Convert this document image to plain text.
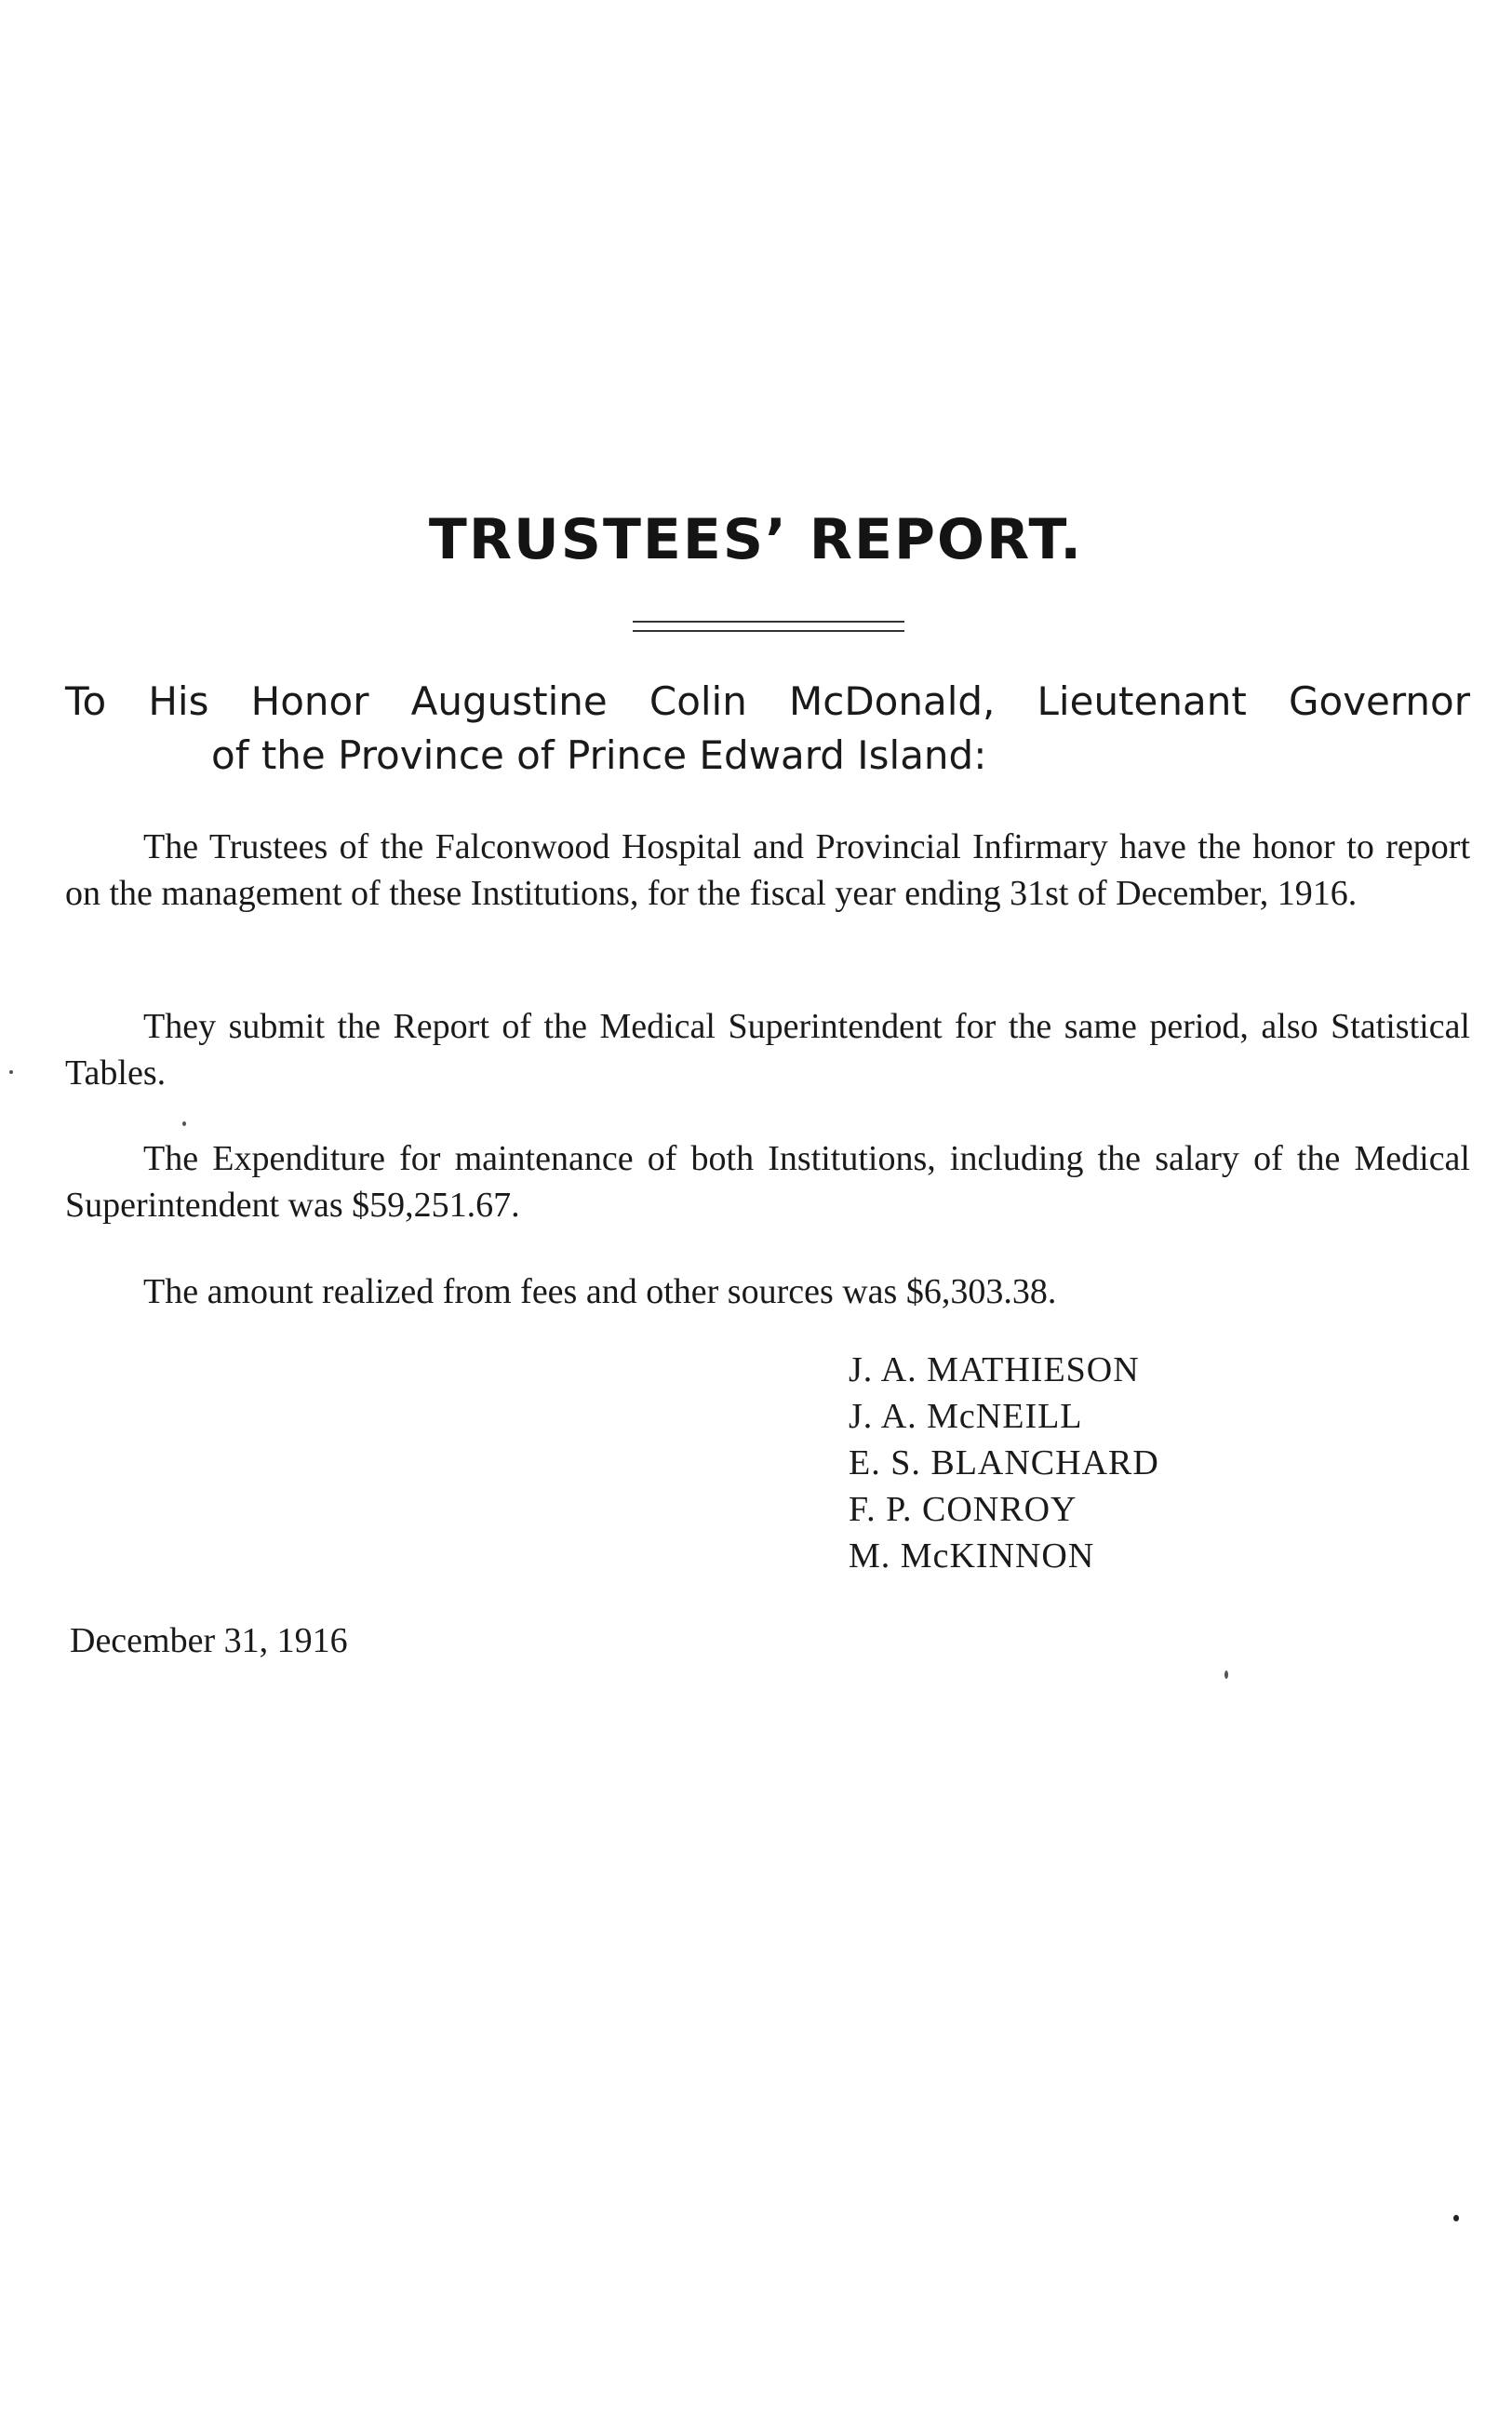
TRUSTEES’ REPORT.
To His Honor Augustine Colin McDonald, Lieutenant Governor
of the Province of Prince Edward Island:

The Trustees of the Falconwood Hospital and Provincial Infirmary have the honor to report on the management of these Institutions, for the fiscal year ending 31st of December, 1916.

They submit the Report of the Medical Superintendent for the same period, also Statistical Tables.

The Expenditure for maintenance of both Institutions, including the salary of the Medical Superintendent was $59,251.67.

The amount realized from fees and other sources was $6,303.38.

J. A. MATHIESON
J. A. McNEILL
E. S. BLANCHARD
F. P. CONROY
M. McKINNON
December 31, 1916
